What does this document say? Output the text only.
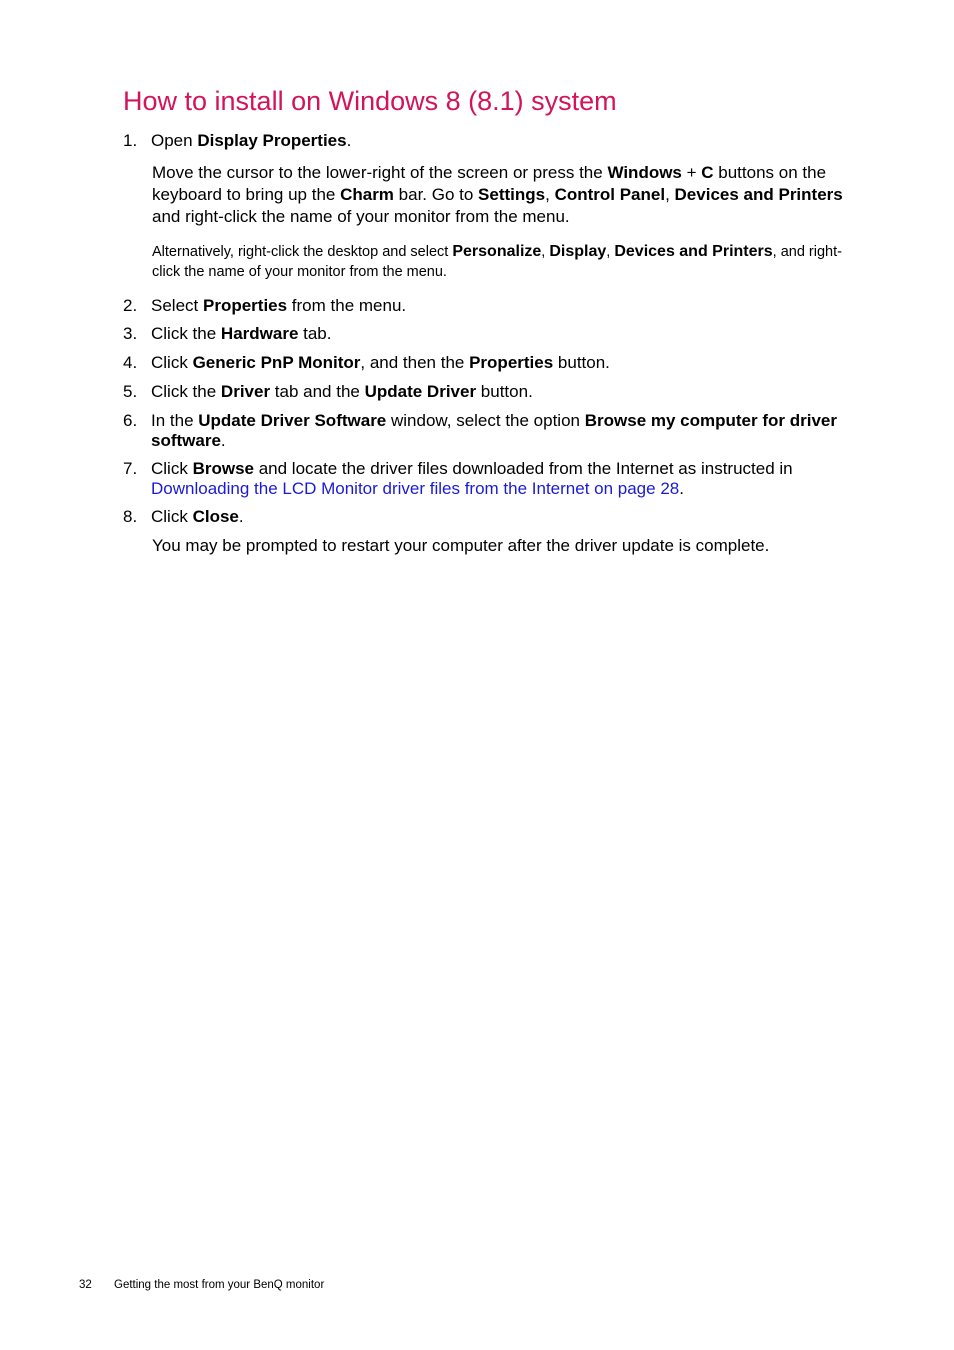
How to install on Windows 8 (8.1) system
1. Open Display Properties.
Move the cursor to the lower-right of the screen or press the Windows + C buttons on the keyboard to bring up the Charm bar. Go to Settings, Control Panel, Devices and Printers and right-click the name of your monitor from the menu.
Alternatively, right-click the desktop and select Personalize, Display, Devices and Printers, and right-click the name of your monitor from the menu.
2. Select Properties from the menu.
3. Click the Hardware tab.
4. Click Generic PnP Monitor, and then the Properties button.
5. Click the Driver tab and the Update Driver button.
6. In the Update Driver Software window, select the option Browse my computer for driver software.
7. Click Browse and locate the driver files downloaded from the Internet as instructed in Downloading the LCD Monitor driver files from the Internet on page 28.
8. Click Close.
You may be prompted to restart your computer after the driver update is complete.
32 Getting the most from your BenQ monitor
